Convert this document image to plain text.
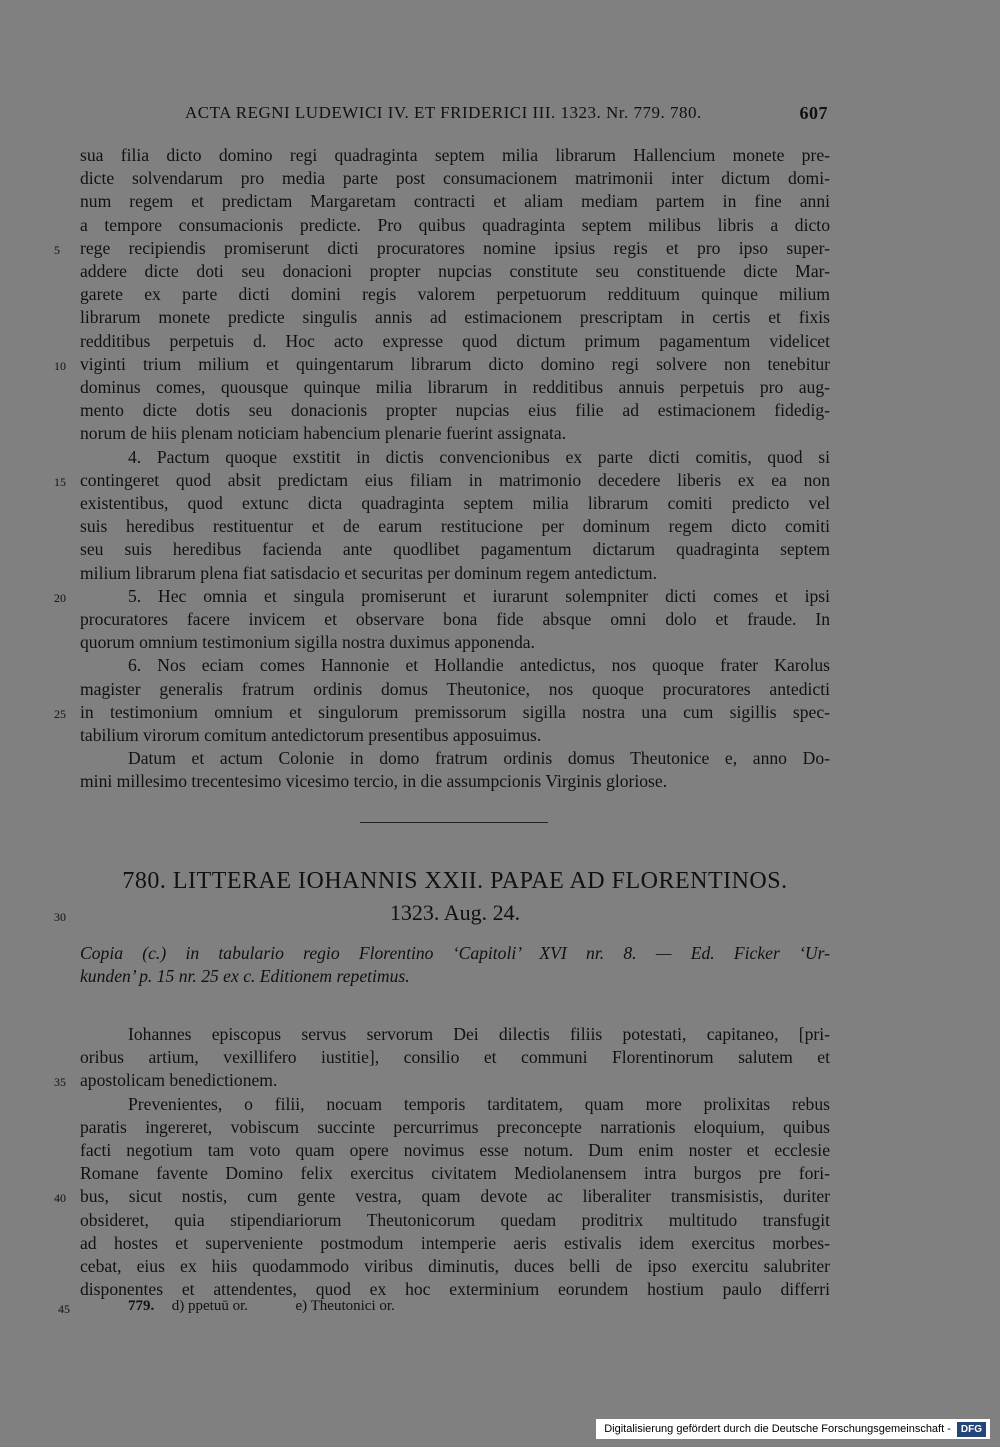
ACTA REGNI LUDEWICI IV. ET FRIDERICI III. 1323. Nr. 779. 780.	607
sua filia dicto domino regi quadraginta septem milia librarum Hallencium monete pre-
dicte solvendarum pro media parte post consumacionem matrimonii inter dictum domi-
num regem et predictam Margaretam contracti et aliam mediam partem in fine anni
a tempore consumacionis predicte. Pro quibus quadraginta septem milibus libris a dicto
rege recipiendis promiserunt dicti procuratores nomine ipsius regis et pro ipso super-
5
addere dicte doti seu donacioni propter nupcias constitute seu constituende dicte Mar-
garete ex parte dicti domini regis valorem perpetuorum reddituum quinque milium
librarum monete predicte singulis annis ad estimacionem prescriptam in certis et fixis
redditibus perpetuis d. Hoc acto expresse quod dictum primum pagamentum videlicet
viginti trium milium et quingentarum librarum dicto domino regi solvere non tenebitur
10
dominus comes, quousque quinque milia librarum in redditibus annuis perpetuis pro aug-
mento dicte dotis seu donacionis propter nupcias eius filie ad estimacionem fidedig-
norum de hiis plenam noticiam habencium plenarie fuerint assignata.
4. Pactum quoque exstitit in dictis convencionibus ex parte dicti comitis, quod si
contingeret quod absit predictam eius filiam in matrimonio decedere liberis ex ea non
15
existentibus, quod extunc dicta quadraginta septem milia librarum comiti predicto vel
suis heredibus restituentur et de earum restitucione per dominum regem dicto comiti
seu suis heredibus facienda ante quodlibet pagamentum dictarum quadraginta septem
milium librarum plena fiat satisdacio et securitas per dominum regem antedictum.
5. Hec omnia et singula promiserunt et iurarunt solempniter dicti comes et ipsi
20
procuratores facere invicem et observare bona fide absque omni dolo et fraude. In
quorum omnium testimonium sigilla nostra duximus apponenda.
6. Nos eciam comes Hannonie et Hollandie antedictus, nos quoque frater Karolus
magister generalis fratrum ordinis domus Theutonice, nos quoque procuratores antedicti
in testimonium omnium et singulorum premissorum sigilla nostra una cum sigillis spec-
25
tabilium virorum comitum antedictorum presentibus apposuimus.
Datum et actum Colonie in domo fratrum ordinis domus Theutonice e, anno Do-
mini millesimo trecentesimo vicesimo tercio, in die assumpcionis Virginis gloriose.
780. LITTERAE IOHANNIS XXII. PAPAE AD FLORENTINOS.
30	1323. Aug. 24.
Copia (c.) in tabulario regio Florentino ‘Capitoli’ XVI nr. 8. — Ed. Ficker ‘Ur-
kunden’ p. 15 nr. 25 ex c. Editionem repetimus.
Iohannes episcopus servus servorum Dei dilectis filiis potestati, capitaneo, [pri-
oribus artium, vexillifero iustitie], consilio et communi Florentinorum salutem et
apostolicam benedictionem.
35
Prevenientes, o filii, nocuam temporis tarditatem, quam more prolixitas rebus
paratis ingereret, vobiscum succinte percurrimus preconcepte narrationis eloquium, quibus
facti negotium tam voto quam opere novimus esse notum. Dum enim noster et ecclesie
Romane favente Domino felix exercitus civitatem Mediolanensem intra burgos pre fori-
bus, sicut nostis, cum gente vestra, quam devote ac liberaliter transmisistis, duriter
40
obsideret, quia stipendiariorum Theutonicorum quedam proditrix multitudo transfugit
ad hostes et superveniente postmodum intemperie aeris estivalis idem exercitus morbes-
cebat, eius ex hiis quodammodo viribus diminutis, duces belli de ipso exercitu salubriter
disponentes et attendentes, quod ex hoc exterminium eorundem hostium paulo differri
45	779. d) ppetuū or.	e) Theutonici or.
Digitalisierung gefördert durch die Deutsche Forschungsgemeinschaft -	DFG
